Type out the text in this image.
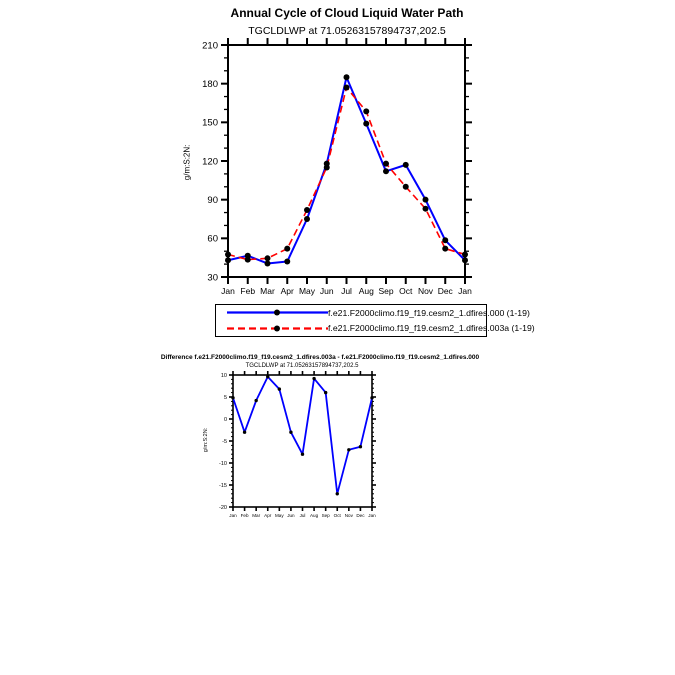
Annual Cycle of Cloud Liquid Water Path
TGCLDLWP at 71.05263157894737,202.5
g/m:S:2N:
30
60
90
120
150
180
210
Jan Feb Mar Apr May Jun Jul Aug Sep Oct Nov Dec Jan
-20
-15
-10
-5
0
5
10
Jan Feb Mar Apr May Jun Jul Aug Sep Oct Nov Dec Jan
f.e21.F2000climo.f19_f19.cesm2_1.dfires.000 (1-19)
f.e21.F2000climo.f19_f19.cesm2_1.dfires.003a (1-19)
Difference f.e21.F2000climo.f19_f19.cesm2_1.dfires.003a - f.e21.F2000climo.f19_f19.cesm2_1.dfires.000
TGCLDLWP at 71.05263157894737,202.5
g/m:S:2N:
